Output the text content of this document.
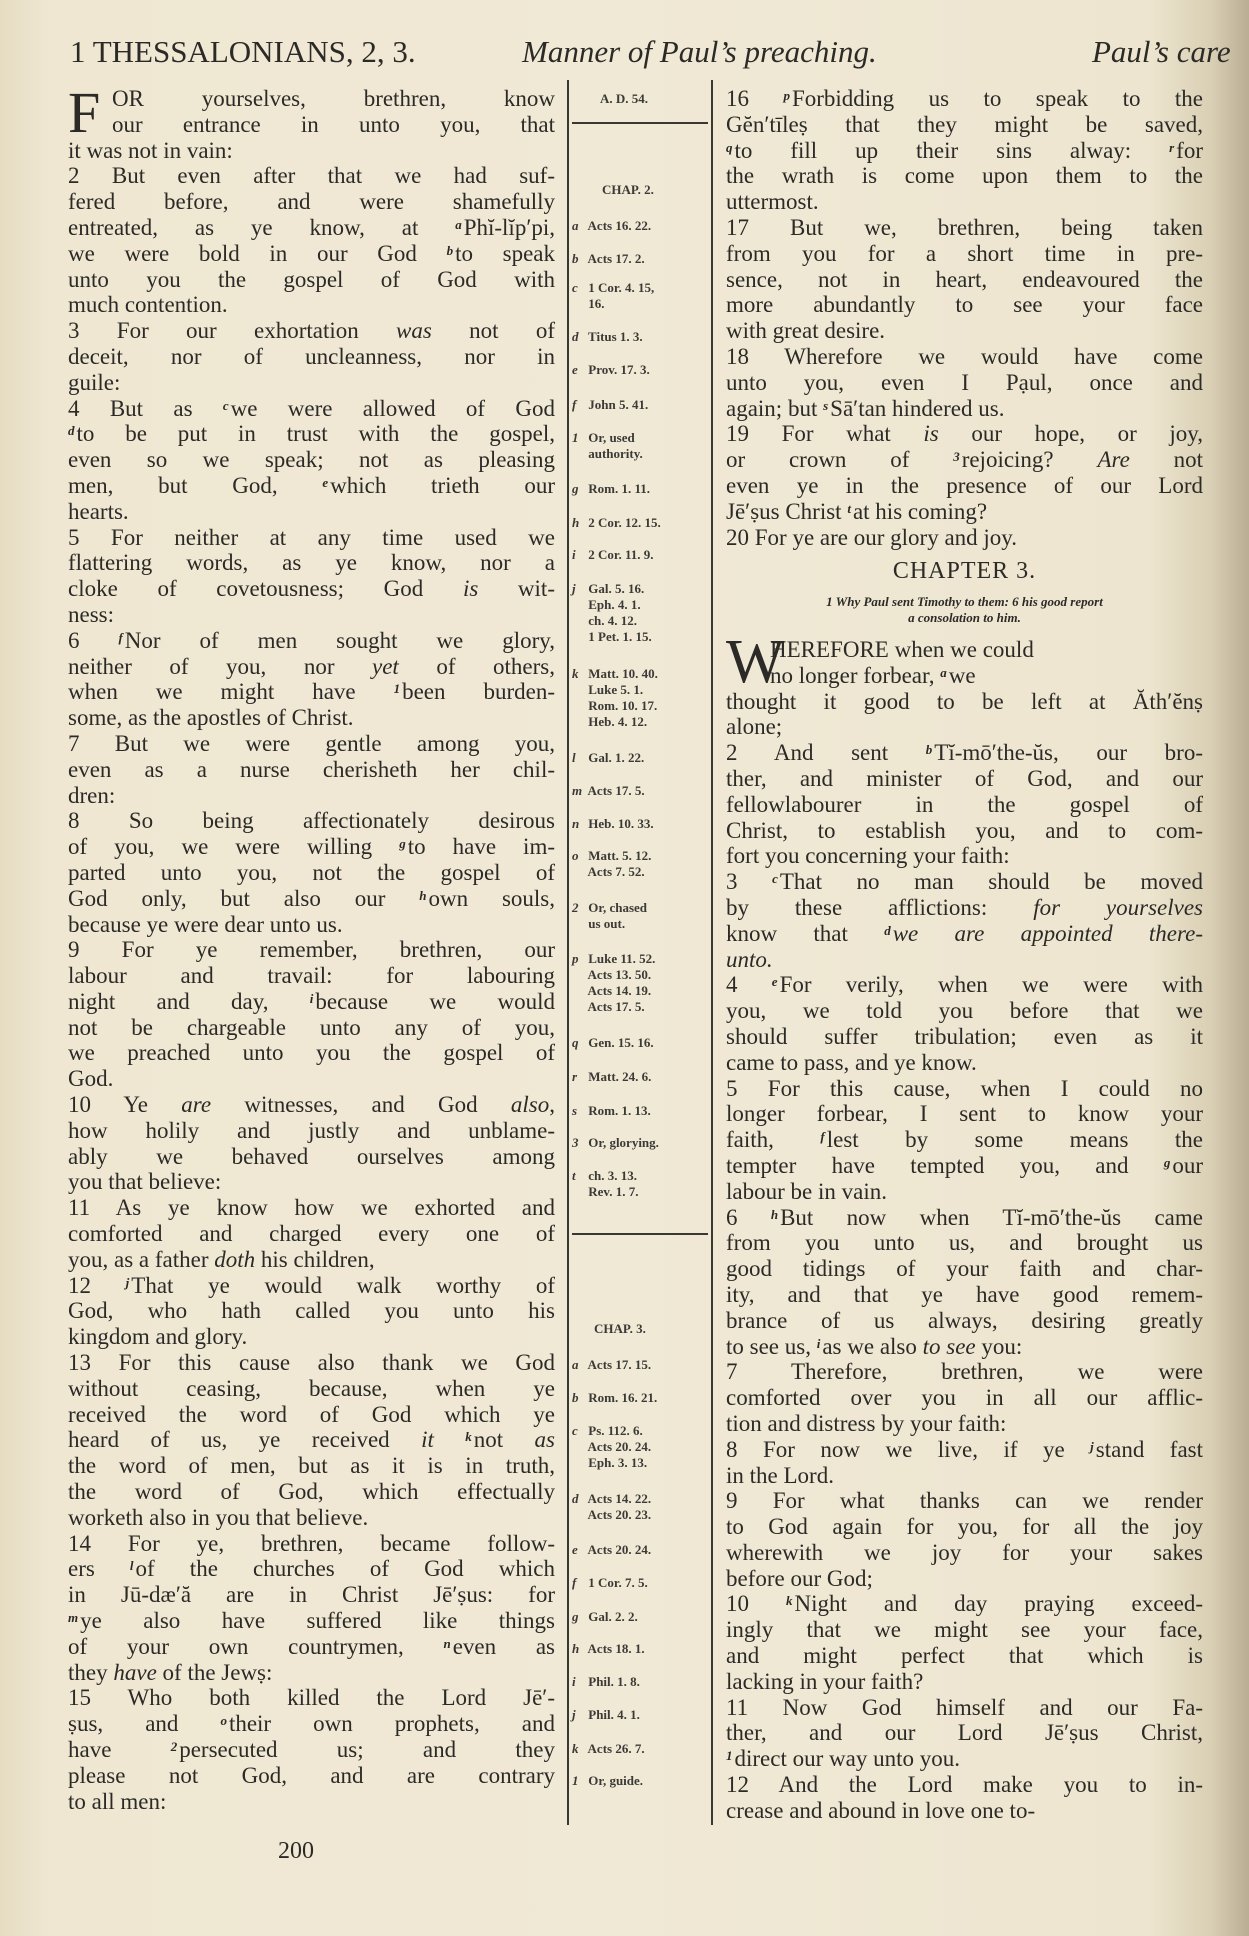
1 THESSALONIANS, 2, 3.	Manner of Paul’s preaching.	Paul’s care
F OR yourselves, brethren, know
our entrance in unto you, that
it was not in vain:
2 But even after that we had suf-
fered before, and were shamefully
entreated, as ye know, at $^a$Phĭ-lĭp′pi,
we were bold in our God $^b$to speak
unto you the gospel of God with
much contention.
3 For our exhortation was not of
deceit, nor of uncleanness, nor in
guile:
4 But as $^c$we were allowed of God
$^d$to be put in trust with the gospel,
even so we speak; not as pleasing
men, but God, $^e$which trieth our
hearts.
5 For neither at any time used we
flattering words, as ye know, nor a
cloke of covetousness; God is wit-
ness:
6 $^f$Nor of men sought we glory,
neither of you, nor yet of others,
when we might have $^1$been burden-
some, as the apostles of Christ.
7 But we were gentle among you,
even as a nurse cherisheth her chil-
dren:
8 So being affectionately desirous
of you, we were willing $^g$to have im-
parted unto you, not the gospel of
God only, but also our $^h$own souls,
because ye were dear unto us.
9 For ye remember, brethren, our
labour and travail: for labouring
night and day, $^i$because we would
not be chargeable unto any of you,
we preached unto you the gospel of
God.
10 Ye are witnesses, and God also,
how holily and justly and unblame-
ably we behaved ourselves among
you that believe:
11 As ye know how we exhorted and
comforted and charged every one of
you, as a father doth his children,
12 $^j$That ye would walk worthy of
God, who hath called you unto his
kingdom and glory.
13 For this cause also thank we God
without ceasing, because, when ye
received the word of God which ye
heard of us, ye received it $^k$not as
the word of men, but as it is in truth,
the word of God, which effectually
worketh also in you that believe.
14 For ye, brethren, became follow-
ers $^l$of the churches of God which
in Jū-dæ′ă are in Christ Jē′ṣus: for
$^m$ye also have suffered like things
of your own countrymen, $^n$even as
they have of the Jewṣ:
15 Who both killed the Lord Jē′-
ṣus, and $^o$their own prophets, and
have $^2$persecuted us; and they
please not God, and are contrary
to all men:
16 $^p$Forbidding us to speak to the
Gĕn′tīleṣ that they might be saved,
$^q$to fill up their sins alway: $^r$for
the wrath is come upon them to the
uttermost.
17 But we, brethren, being taken
from you for a short time in pre-
sence, not in heart, endeavoured the
more abundantly to see your face
with great desire.
18 Wherefore we would have come
unto you, even I Pạul, once and
again; but $^s$Sā′tan hindered us.
19 For what is our hope, or joy,
or crown of $^3$rejoicing? Are not
even ye in the presence of our Lord
Jē′ṣus Christ $^t$at his coming?
20 For ye are our glory and joy.
CHAPTER 3.
1 Why Paul sent Timothy to them: 6 his good report
a consolation to him.
W
HEREFORE when we could
no longer forbear, $^a$we
thought it good to be left at Ăth′ĕnṣ
alone;
2 And sent $^b$Tĭ-mō′the-ŭs, our bro-
ther, and minister of God, and our
fellowlabourer in the gospel of
Christ, to establish you, and to com-
fort you concerning your faith:
3 $^c$That no man should be moved
by these afflictions: for yourselves
know that $^d$we are appointed there-
unto.
4 $^e$For verily, when we were with
you, we told you before that we
should suffer tribulation; even as it
came to pass, and ye know.
5 For this cause, when I could no
longer forbear, I sent to know your
faith, $^f$lest by some means the
tempter have tempted you, and $^g$our
labour be in vain.
6 $^h$But now when Tĭ-mō′the-ŭs came
from you unto us, and brought us
good tidings of your faith and char-
ity, and that ye have good remem-
brance of us always, desiring greatly
to see us, $^i$as we also to see you:
7 Therefore, brethren, we were
comforted over you in all our afflic-
tion and distress by your faith:
8 For now we live, if ye $^j$stand fast
in the Lord.
9 For what thanks can we render
to God again for you, for all the joy
wherewith we joy for your sakes
before our God;
10 $^k$Night and day praying exceed-
ingly that we might see your face,
and might perfect that which is
lacking in your faith?
11 Now God himself and our Fa-
ther, and our Lord Jē′ṣus Christ,
$^1$direct our way unto you.
12 And the Lord make you to in-
crease and abound in love one to-
A. D. 54.
CHAP. 2.
CHAP. 3.
a Acts 16. 22.
b Acts 17. 2.
c 1 Cor. 4. 15,
16.
d Titus 1. 3.
e Prov. 17. 3.
f John 5. 41.
1 Or, used
authority.
g Rom. 1. 11.
h 2 Cor. 12. 15.
i 2 Cor. 11. 9.
j Gal. 5. 16.
Eph. 4. 1.
ch. 4. 12.
1 Pet. 1. 15.
k Matt. 10. 40.
Luke 5. 1.
Rom. 10. 17.
Heb. 4. 12.
l Gal. 1. 22.
m Acts 17. 5.
n Heb. 10. 33.
o Matt. 5. 12.
Acts 7. 52.
2 Or, chased
us out.
p Luke 11. 52.
Acts 13. 50.
Acts 14. 19.
Acts 17. 5.
q Gen. 15. 16.
r Matt. 24. 6.
s Rom. 1. 13.
3 Or, glorying.
t ch. 3. 13.
Rev. 1. 7.
a Acts 17. 15.
b Rom. 16. 21.
c Ps. 112. 6.
Acts 20. 24.
Eph. 3. 13.
d Acts 14. 22.
Acts 20. 23.
e Acts 20. 24.
f 1 Cor. 7. 5.
g Gal. 2. 2.
h Acts 18. 1.
i Phil. 1. 8.
j Phil. 4. 1.
k Acts 26. 7.
1 Or, guide.
200
